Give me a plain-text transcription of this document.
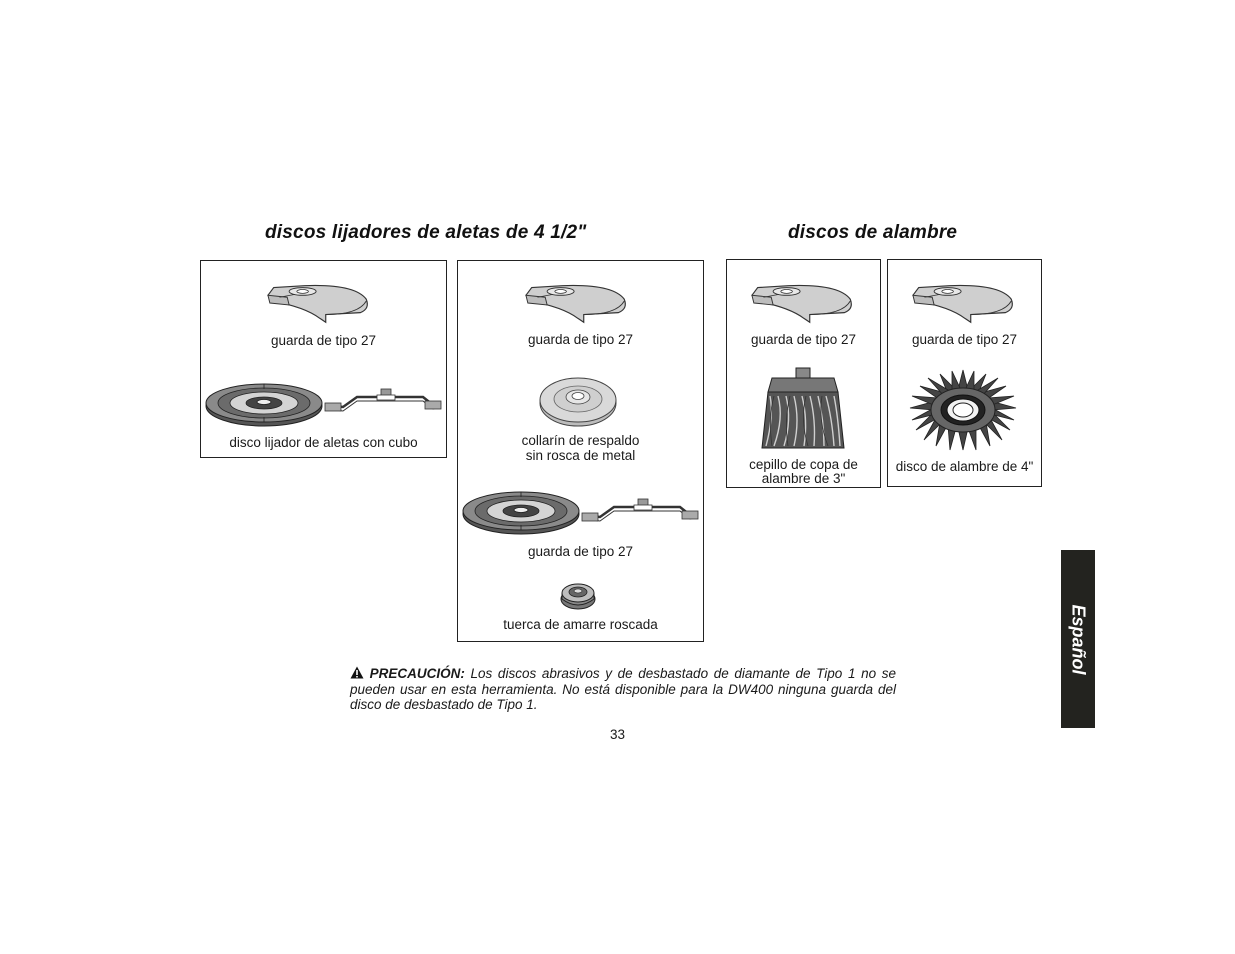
discos lijadores de aletas de 4 1/2"	discos de alambre
guarda de tipo 27
disco lijador de aletas con cubo
guarda de tipo 27
collarín de respaldo
sin rosca de metal
guarda de tipo 27
tuerca de amarre roscada
guarda de tipo 27
cepillo de copa de
alambre de 3"
guarda de tipo 27
disco de alambre de 4"
PRECAUCIÓN: Los discos abrasivos y de desbastado de diamante de Tipo 1 no se pueden usar en esta herramienta. No está disponible para la DW400 ninguna guarda del disco de desbastado de Tipo 1.
33
Español
